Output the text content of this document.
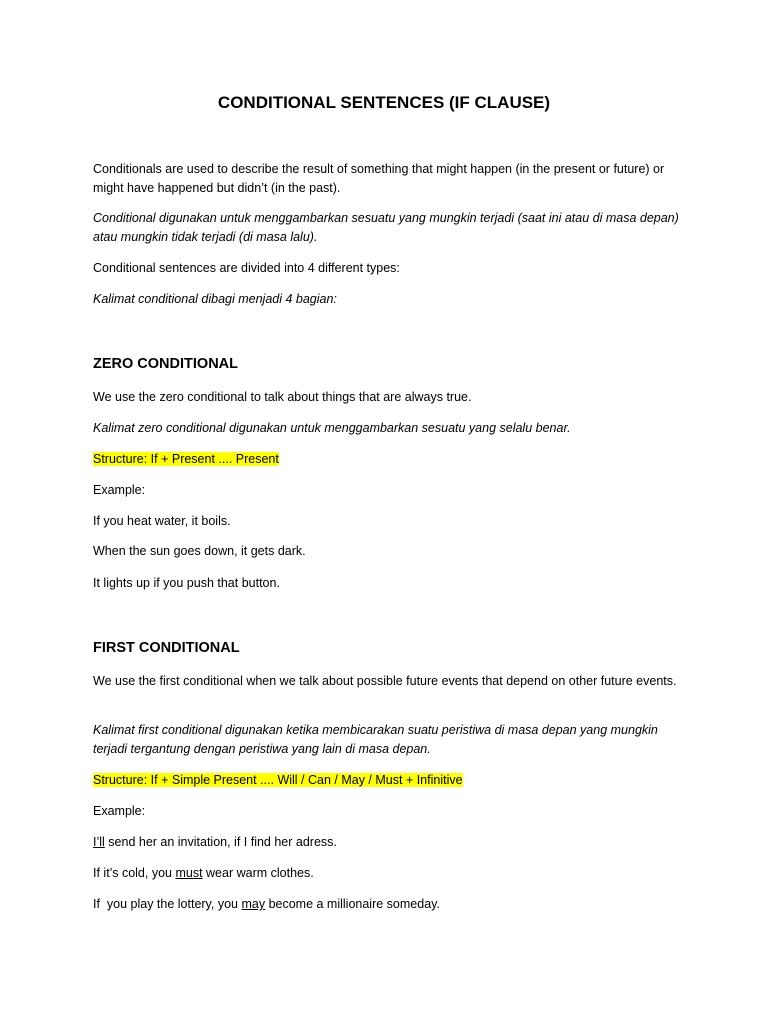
CONDITIONAL SENTENCES (IF CLAUSE)
Conditionals are used to describe the result of something that might happen (in the present or future) or might have happened but didn’t (in the past).
Conditional digunakan untuk menggambarkan sesuatu yang mungkin terjadi (saat ini atau di masa depan) atau mungkin tidak terjadi (di masa lalu).
Conditional sentences are divided into 4 different types:
Kalimat conditional dibagi menjadi 4 bagian:
ZERO CONDITIONAL
We use the zero conditional to talk about things that are always true.
Kalimat zero conditional digunakan untuk menggambarkan sesuatu yang selalu benar.
Structure: If + Present .... Present
Example:
If you heat water, it boils.
When the sun goes down, it gets dark.
It lights up if you push that button.
FIRST CONDITIONAL
We use the first conditional when we talk about possible future events that depend on other future events.
Kalimat first conditional digunakan ketika membicarakan suatu peristiwa di masa depan yang mungkin terjadi tergantung dengan peristiwa yang lain di masa depan.
Structure: If + Simple Present .... Will / Can / May / Must + Infinitive
Example:
I’ll send her an invitation, if I find her adress.
If it’s cold, you must wear warm clothes.
If  you play the lottery, you may become a millionaire someday.
